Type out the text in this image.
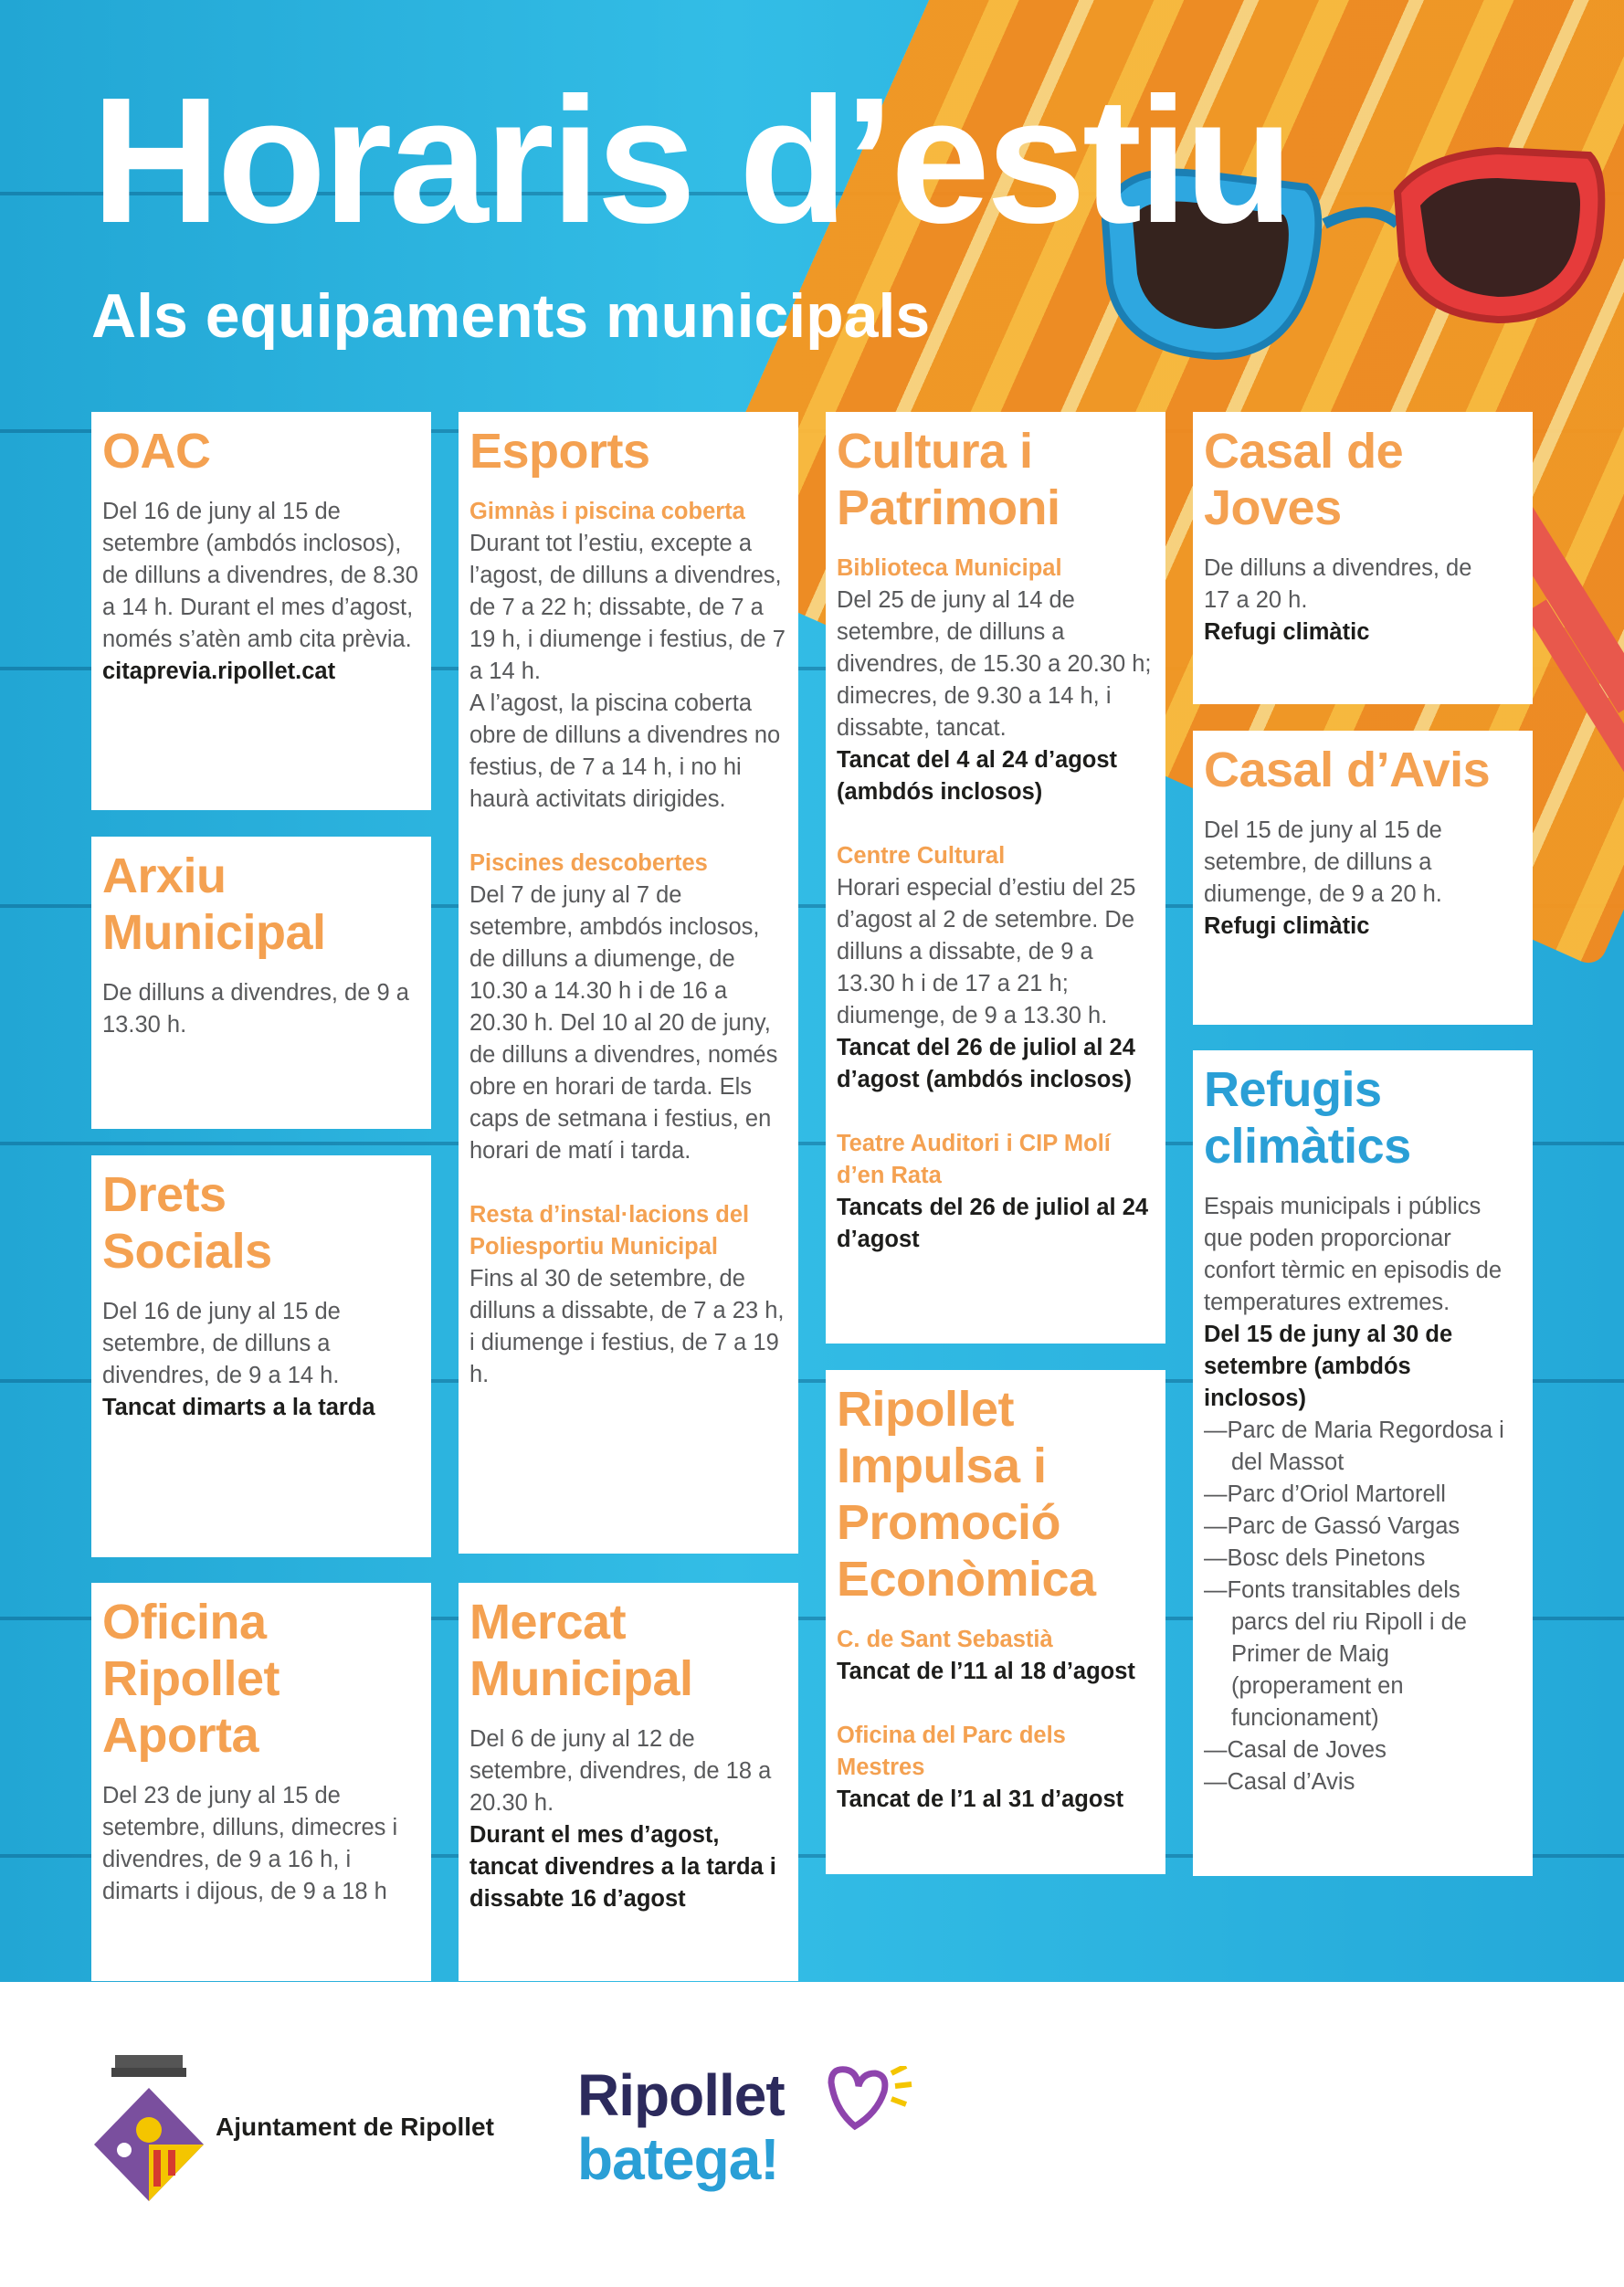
Horaris d’estiu
Als equipaments municipals
OAC

Del 16 de juny al 15 de setembre (ambdós inclosos), de dilluns a divendres, de 8.30 a 14 h. Durant el mes d’agost, només s’atèn amb cita prèvia.

citaprevia.ripollet.cat

Arxiu Municipal

De dilluns a divendres, de 9 a 13.30 h.

Drets Socials

Del 16 de juny al 15 de setembre, de dilluns a divendres, de 9 a 14 h.

Tancat dimarts a la tarda

Oficina Ripollet Aporta

Del 23 de juny al 15 de setembre, dilluns, dimecres i divendres, de 9 a 16 h, i dimarts i dijous, de 9 a 18 h

Esports

Gimnàs i piscina coberta

Durant tot l’estiu, excepte a l’agost, de dilluns a divendres, de 7 a 22 h; dissabte, de 7 a 19 h, i diumenge i festius, de 7 a 14 h.

A l’agost, la piscina coberta obre de dilluns a divendres no festius, de 7 a 14 h, i no hi haurà activitats dirigides.

Piscines descobertes

Del 7 de juny al 7 de setembre, ambdós inclosos, de dilluns a diumenge, de 10.30 a 14.30 h i de 16 a 20.30 h. Del 10 al 20 de juny, de dilluns a divendres, només obre en horari de tarda. Els caps de setmana i festius, en horari de matí i tarda.

Resta d’instal·lacions del Poliesportiu Municipal

Fins al 30 de setembre, de dilluns a dissabte, de 7 a 23 h, i diumenge i festius, de 7 a 19 h.

Mercat Municipal

Del 6 de juny al 12 de setembre, divendres, de 18 a 20.30 h.

Durant el mes d’agost, tancat divendres a la tarda i dissabte 16 d’agost

Cultura i Patrimoni

Biblioteca Municipal

Del 25 de juny al 14 de setembre, de dilluns a divendres, de 15.30 a 20.30 h; dimecres, de 9.30 a 14 h, i dissabte, tancat.

Tancat del 4 al 24 d’agost (ambdós inclosos)

Centre Cultural

Horari especial d’estiu del 25 d’agost al 2 de setembre. De dilluns a dissabte, de 9 a 13.30 h i de 17 a 21 h; diumenge, de 9 a 13.30 h.

Tancat del 26 de juliol al 24 d’agost (ambdós inclosos)

Teatre Auditori i CIP Molí d’en Rata

Tancats del 26 de juliol al 24 d’agost

Ripollet Impulsa i Promoció Econòmica

C. de Sant Sebastià

Tancat de l’11 al 18 d’agost

Oficina del Parc dels Mestres

Tancat de l’1 al 31 d’agost

Casal de Joves

De dilluns a divendres, de 17 a 20 h.

Refugi climàtic

Casal d’Avis

Del 15 de juny al 15 de setembre, de dilluns a diumenge, de 9 a 20 h.

Refugi climàtic

Refugis climàtics

Espais municipals i públics que poden proporcionar confort tèrmic en episodis de temperatures extremes.

Del 15 de juny al 30 de setembre (ambdós inclosos)

—Parc de Maria Regordosa i del Massot
—Parc d’Oriol Martorell
—Parc de Gassó Vargas
—Bosc dels Pinetons
—Fonts transitables dels parcs del riu Ripoll i de Primer de Maig (properament en funcionament)
—Casal de Joves
—Casal d’Avis
Ajuntament de Ripollet Ripollet
batega!
